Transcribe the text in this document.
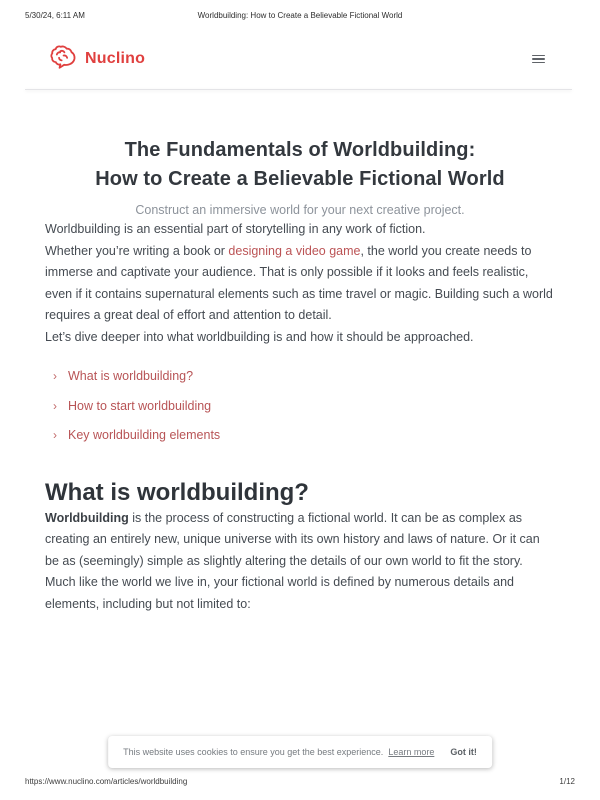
5/30/24, 6:11 AM	Worldbuilding: How to Create a Believable Fictional World
Nuclino
The Fundamentals of Worldbuilding:
How to Create a Believable Fictional World

Construct an immersive world for your next creative project.

Worldbuilding is an essential part of storytelling in any work of fiction.

Whether you’re writing a book or designing a video game, the world you create needs to immerse and captivate your audience. That is only possible if it looks and feels realistic, even if it contains supernatural elements such as time travel or magic. Building such a world requires a great deal of effort and attention to detail.

Let’s dive deeper into what worldbuilding is and how it should be approached.

› What is worldbuilding?
› How to start worldbuilding
› Key worldbuilding elements
What is worldbuilding?

Worldbuilding is the process of constructing a fictional world. It can be as complex as creating an entirely new, unique universe with its own history and laws of nature. Or it can be as (seemingly) simple as slightly altering the details of our own world to fit the story.

Much like the world we live in, your fictional world is defined by numerous details and elements, including but not limited to:

This website uses cookies to ensure you get the best experience. Learn more Got it!
https://www.nuclino.com/articles/worldbuilding	1/12
